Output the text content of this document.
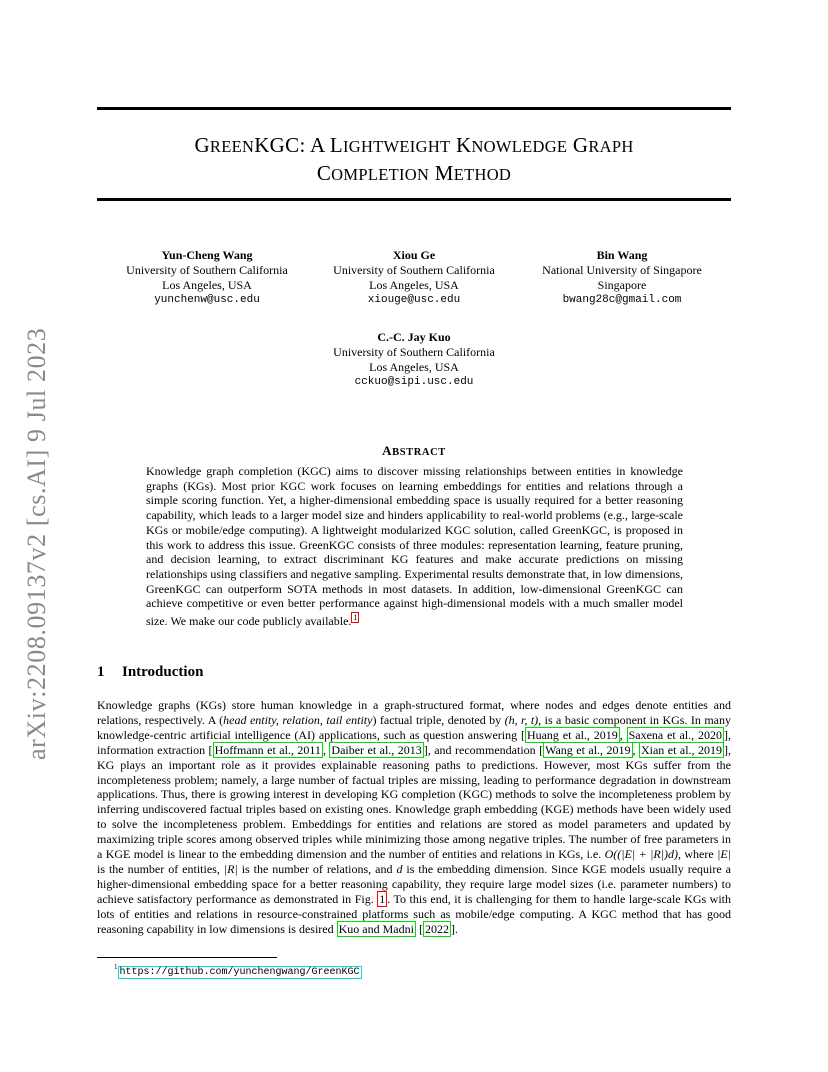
arXiv:2208.09137v2 [cs.AI] 9 Jul 2023
GREENKGC: A LIGHTWEIGHT KNOWLEDGE GRAPH
COMPLETION METHOD
Yun-Cheng Wang
University of Southern California
Los Angeles, USA
yunchenw@usc.edu
Xiou Ge
University of Southern California
Los Angeles, USA
xiouge@usc.edu
Bin Wang
National University of Singapore
Singapore
bwang28c@gmail.com
C.-C. Jay Kuo
University of Southern California
Los Angeles, USA
cckuo@sipi.usc.edu
ABSTRACT
Knowledge graph completion (KGC) aims to discover missing relationships between entities in knowledge graphs (KGs). Most prior KGC work focuses on learning embeddings for entities and relations through a simple scoring function. Yet, a higher-dimensional embedding space is usually required for a better reasoning capability, which leads to a larger model size and hinders applicability to real-world problems (e.g., large-scale KGs or mobile/edge computing). A lightweight modularized KGC solution, called GreenKGC, is proposed in this work to address this issue. GreenKGC consists of three modules: representation learning, feature pruning, and decision learning, to extract discriminant KG features and make accurate predictions on missing relationships using classifiers and negative sampling. Experimental results demonstrate that, in low dimensions, GreenKGC can outperform SOTA methods in most datasets. In addition, low-dimensional GreenKGC can achieve competitive or even better performance against high-dimensional models with a much smaller model size. We make our code publicly available. $^1$
1 Introduction
Knowledge graphs (KGs) store human knowledge in a graph-structured format, where nodes and edges denote entities and relations, respectively. A (head entity, relation, tail entity) factual triple, denoted by (h, r, t), is a basic component in KGs. In many knowledge-centric artificial intelligence (AI) applications, such as question answering [ Huang et al., 2019 , Saxena et al., 2020 ], information extraction [ Hoffmann et al., 2011 , Daiber et al., 2013 ], and recommendation [ Wang et al., 2019 , Xian et al., 2019 ], KG plays an important role as it provides explainable reasoning paths to predictions. However, most KGs suffer from the incompleteness problem; namely, a large number of factual triples are missing, leading to performance degradation in downstream applications. Thus, there is growing interest in developing KG completion (KGC) methods to solve the incompleteness problem by inferring undiscovered factual triples based on existing ones. Knowledge graph embedding (KGE) methods have been widely used to solve the incompleteness problem. Embeddings for entities and relations are stored as model parameters and updated by maximizing triple scores among observed triples while minimizing those among negative triples. The number of free parameters in a KGE model is linear to the embedding dimension and the number of entities and relations in KGs, i.e. O((|E| + |R|)d), where |E| is the number of entities, |R| is the number of relations, and d is the embedding dimension. Since KGE models usually require a higher-dimensional embedding space for a better reasoning capability, they require large model sizes (i.e. parameter numbers) to achieve satisfactory performance as demonstrated in Fig. 1 . To this end, it is challenging for them to handle large-scale KGs with lots of entities and relations in resource-constrained platforms such as mobile/edge computing. A KGC method that has good reasoning capability in low dimensions is desired Kuo and Madni [ 2022 ].
$^1$ https://github.com/yunchengwang/GreenKGC
